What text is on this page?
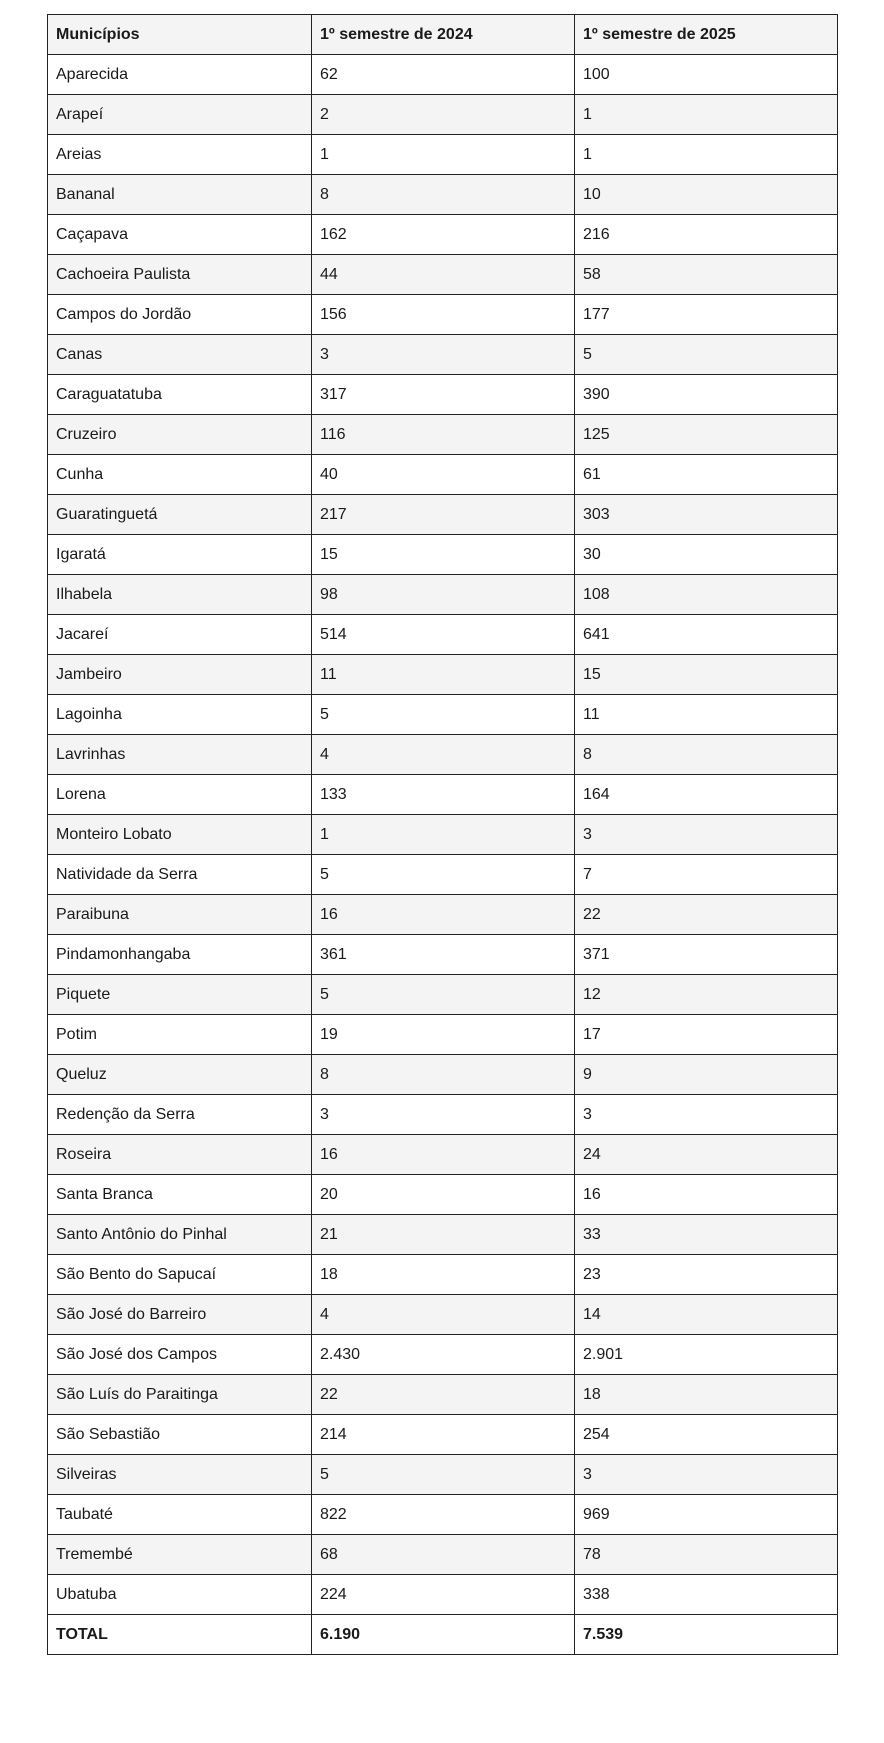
Municípios	1º semestre de 2024	1º semestre de 2025
Aparecida	62	100
Arapeí	2	1
Areias	1	1
Bananal	8	10
Caçapava	162	216
Cachoeira Paulista	44	58
Campos do Jordão	156	177
Canas	3	5
Caraguatatuba	317	390
Cruzeiro	116	125
Cunha	40	61
Guaratinguetá	217	303
Igaratá	15	30
Ilhabela	98	108
Jacareí	514	641
Jambeiro	11	15
Lagoinha	5	11
Lavrinhas	4	8
Lorena	133	164
Monteiro Lobato	1	3
Natividade da Serra	5	7
Paraibuna	16	22
Pindamonhangaba	361	371
Piquete	5	12
Potim	19	17
Queluz	8	9
Redenção da Serra	3	3
Roseira	16	24
Santa Branca	20	16
Santo Antônio do Pinhal	21	33
São Bento do Sapucaí	18	23
São José do Barreiro	4	14
São José dos Campos	2.430	2.901
São Luís do Paraitinga	22	18
São Sebastião	214	254
Silveiras	5	3
Taubaté	822	969
Tremembé	68	78
Ubatuba	224	338
TOTAL	6.190	7.539
